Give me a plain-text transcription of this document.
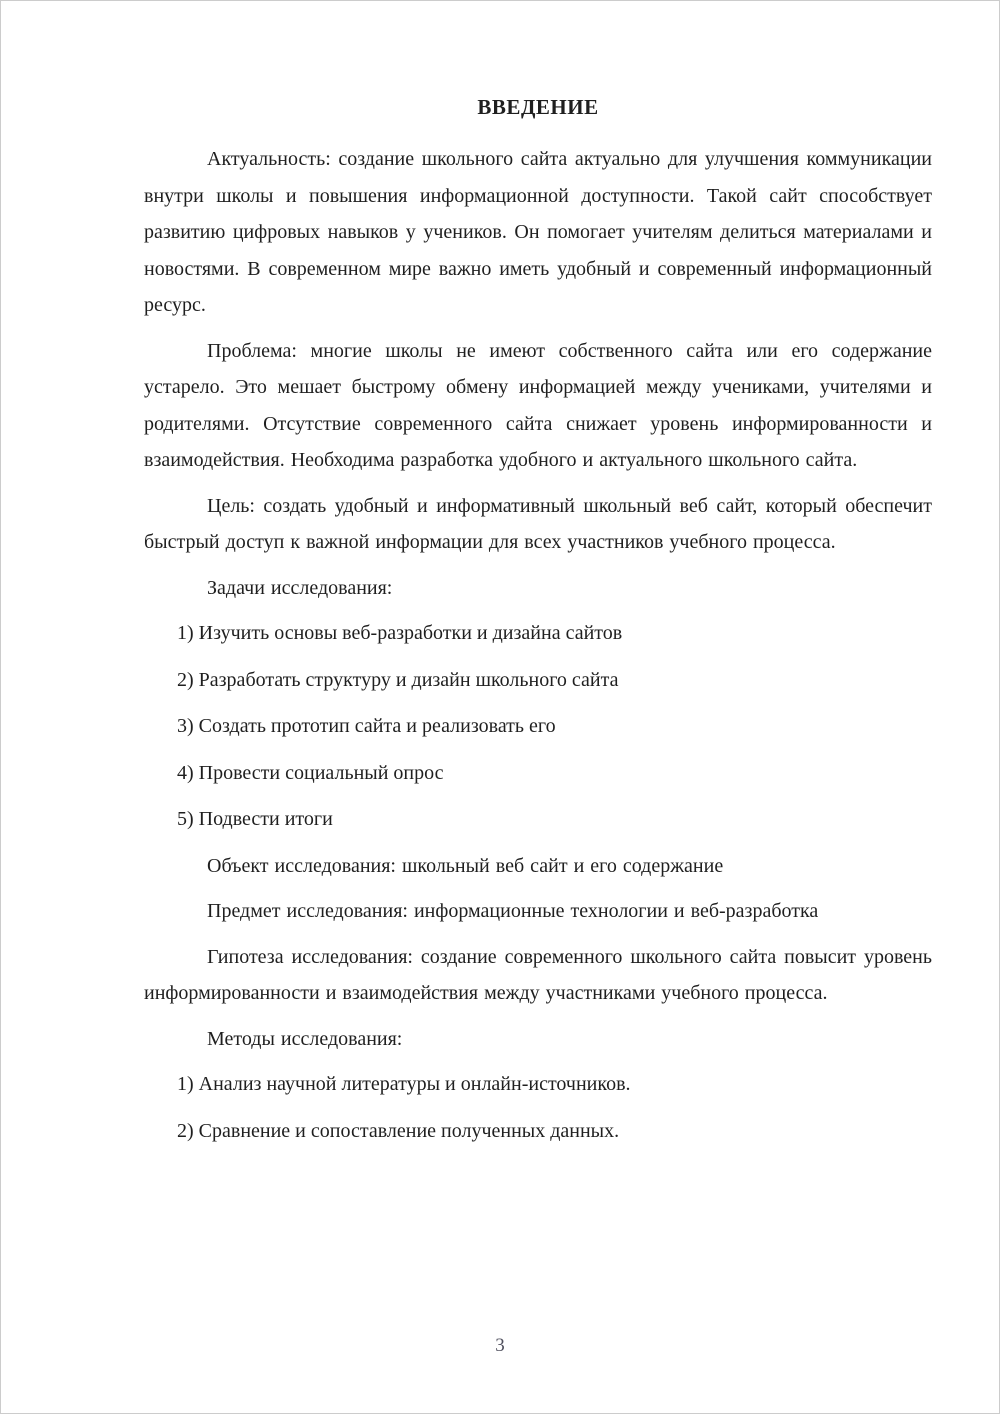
ВВЕДЕНИЕ

Актуальность: создание школьного сайта актуально для улучшения коммуникации внутри школы и повышения информационной доступности. Такой сайт способствует развитию цифровых навыков у учеников. Он помогает учителям делиться материалами и новостями. В современном мире важно иметь удобный и современный информационный ресурс.

Проблема: многие школы не имеют собственного сайта или его содержание устарело. Это мешает быстрому обмену информацией между учениками, учителями и родителями. Отсутствие современного сайта снижает уровень информированности и взаимодействия. Необходима разработка удобного и актуального школьного сайта.

Цель: создать удобный и информативный школьный веб сайт, который обеспечит быстрый доступ к важной информации для всех участников учебного процесса.

Задачи исследования:

1) Изучить основы веб-разработки и дизайна сайтов

2) Разработать структуру и дизайн школьного сайта

3) Создать прототип сайта и реализовать его

4) Провести социальный опрос

5) Подвести итоги

Объект исследования: школьный веб сайт и его содержание

Предмет исследования: информационные технологии и веб-разработка

Гипотеза исследования: создание современного школьного сайта повысит уровень информированности и взаимодействия между участниками учебного процесса.

Методы исследования:

1) Анализ научной литературы и онлайн-источников.

2) Сравнение и сопоставление полученных данных.

3
